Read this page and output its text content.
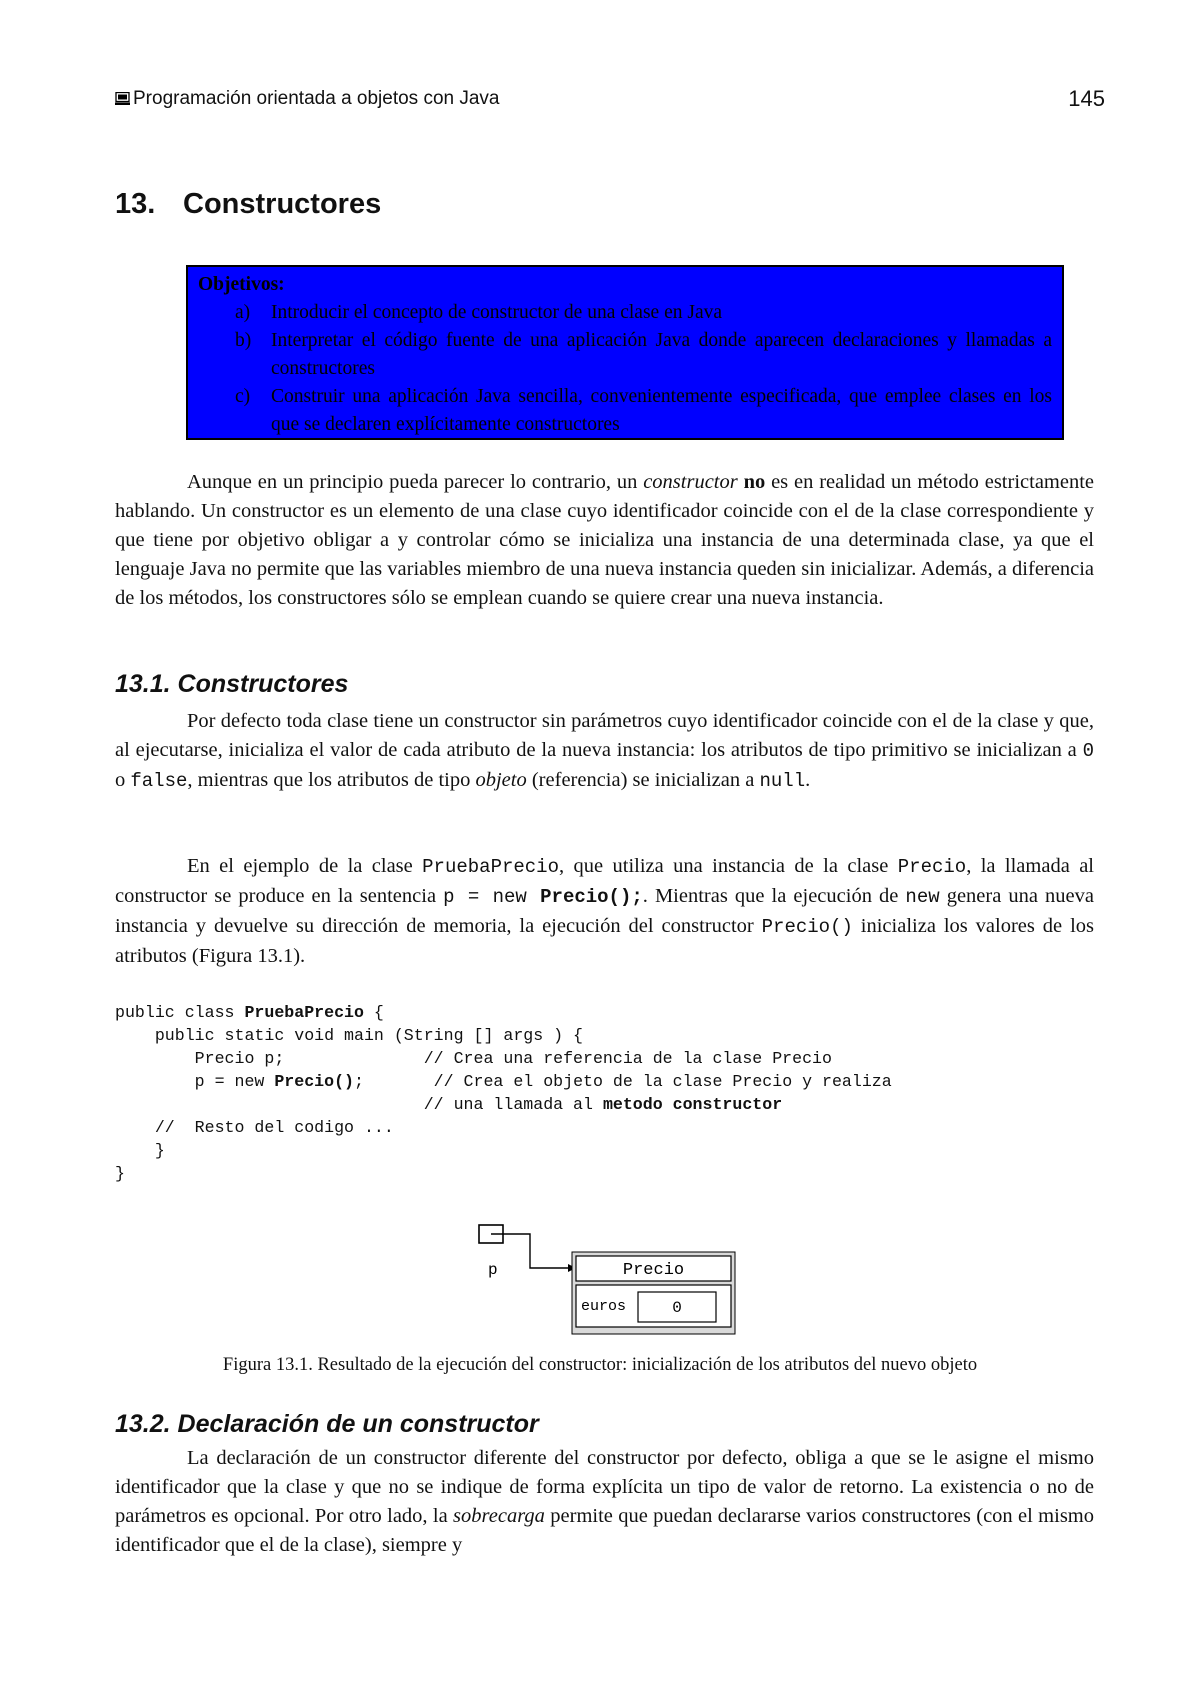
Programación orientada a objetos con Java	145
13. Constructores
Objetivos:
a) Introducir el concepto de constructor de una clase en Java
b) Interpretar el código fuente de una aplicación Java donde aparecen declaraciones y llamadas a constructores
c) Construir una aplicación Java sencilla, convenientemente especificada, que emplee clases en los que se declaren explícitamente constructores

Aunque en un principio pueda parecer lo contrario, un constructor no es en realidad un método estrictamente hablando. Un constructor es un elemento de una clase cuyo identificador coincide con el de la clase correspondiente y que tiene por objetivo obligar a y controlar cómo se inicializa una instancia de una determinada clase, ya que el lenguaje Java no permite que las variables miembro de una nueva instancia queden sin inicializar. Además, a diferencia de los métodos, los constructores sólo se emplean cuando se quiere crear una nueva instancia.

13.1. Constructores

Por defecto toda clase tiene un constructor sin parámetros cuyo identificador coincide con el de la clase y que, al ejecutarse, inicializa el valor de cada atributo de la nueva instancia: los atributos de tipo primitivo se inicializan a 0 o false, mientras que los atributos de tipo objeto (referencia) se inicializan a null.

En el ejemplo de la clase PruebaPrecio, que utiliza una instancia de la clase Precio, la llamada al constructor se produce en la sentencia p = new Precio();. Mientras que la ejecución de new genera una nueva instancia y devuelve su dirección de memoria, la ejecución del constructor Precio() inicializa los valores de los atributos (Figura 13.1).

public class PruebaPrecio {
public static void main (String [] args ) {
Precio p;              // Crea una referencia de la clase Precio
p = new Precio();       // Crea el objeto de la clase Precio y realiza
// una llamada al metodo constructor
//  Resto del codigo ...
}
}
p	Precio
euros	0
Figura 13.1. Resultado de la ejecución del constructor: inicialización de los atributos del nuevo objeto
13.2. Declaración de un constructor

La declaración de un constructor diferente del constructor por defecto, obliga a que se le asigne el mismo identificador que la clase y que no se indique de forma explícita un tipo de valor de retorno. La existencia o no de parámetros es opcional. Por otro lado, la sobrecarga permite que puedan declararse varios constructores (con el mismo identificador que el de la clase), siempre y
